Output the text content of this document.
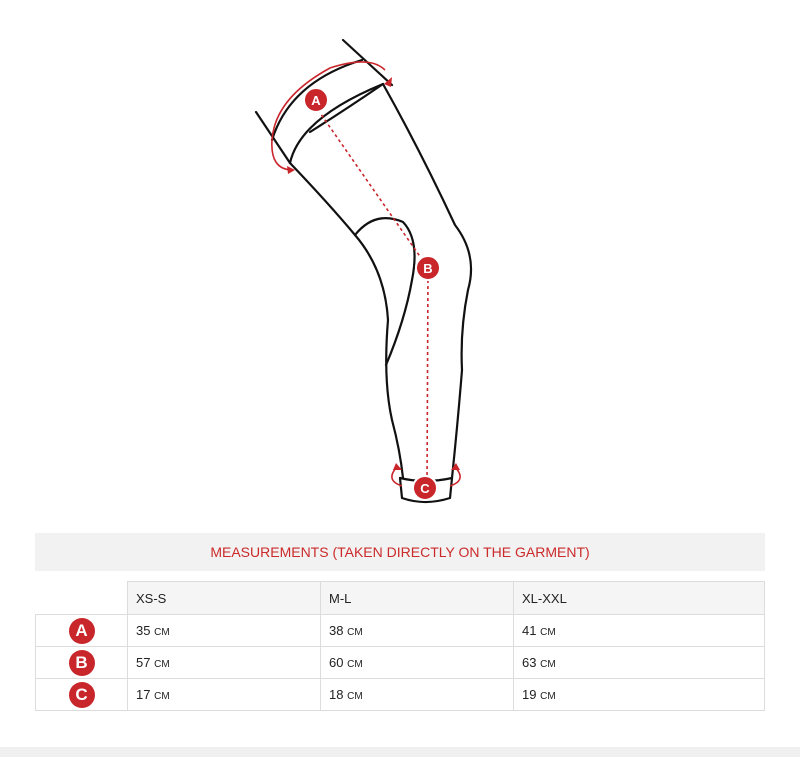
A
B
C
MEASUREMENTS (TAKEN DIRECTLY ON THE GARMENT)
	XS-S	M-L	XL-XXL
A	35 CM	38 CM	41 CM
B	57 CM	60 CM	63 CM
C	17 CM	18 CM	19 CM
